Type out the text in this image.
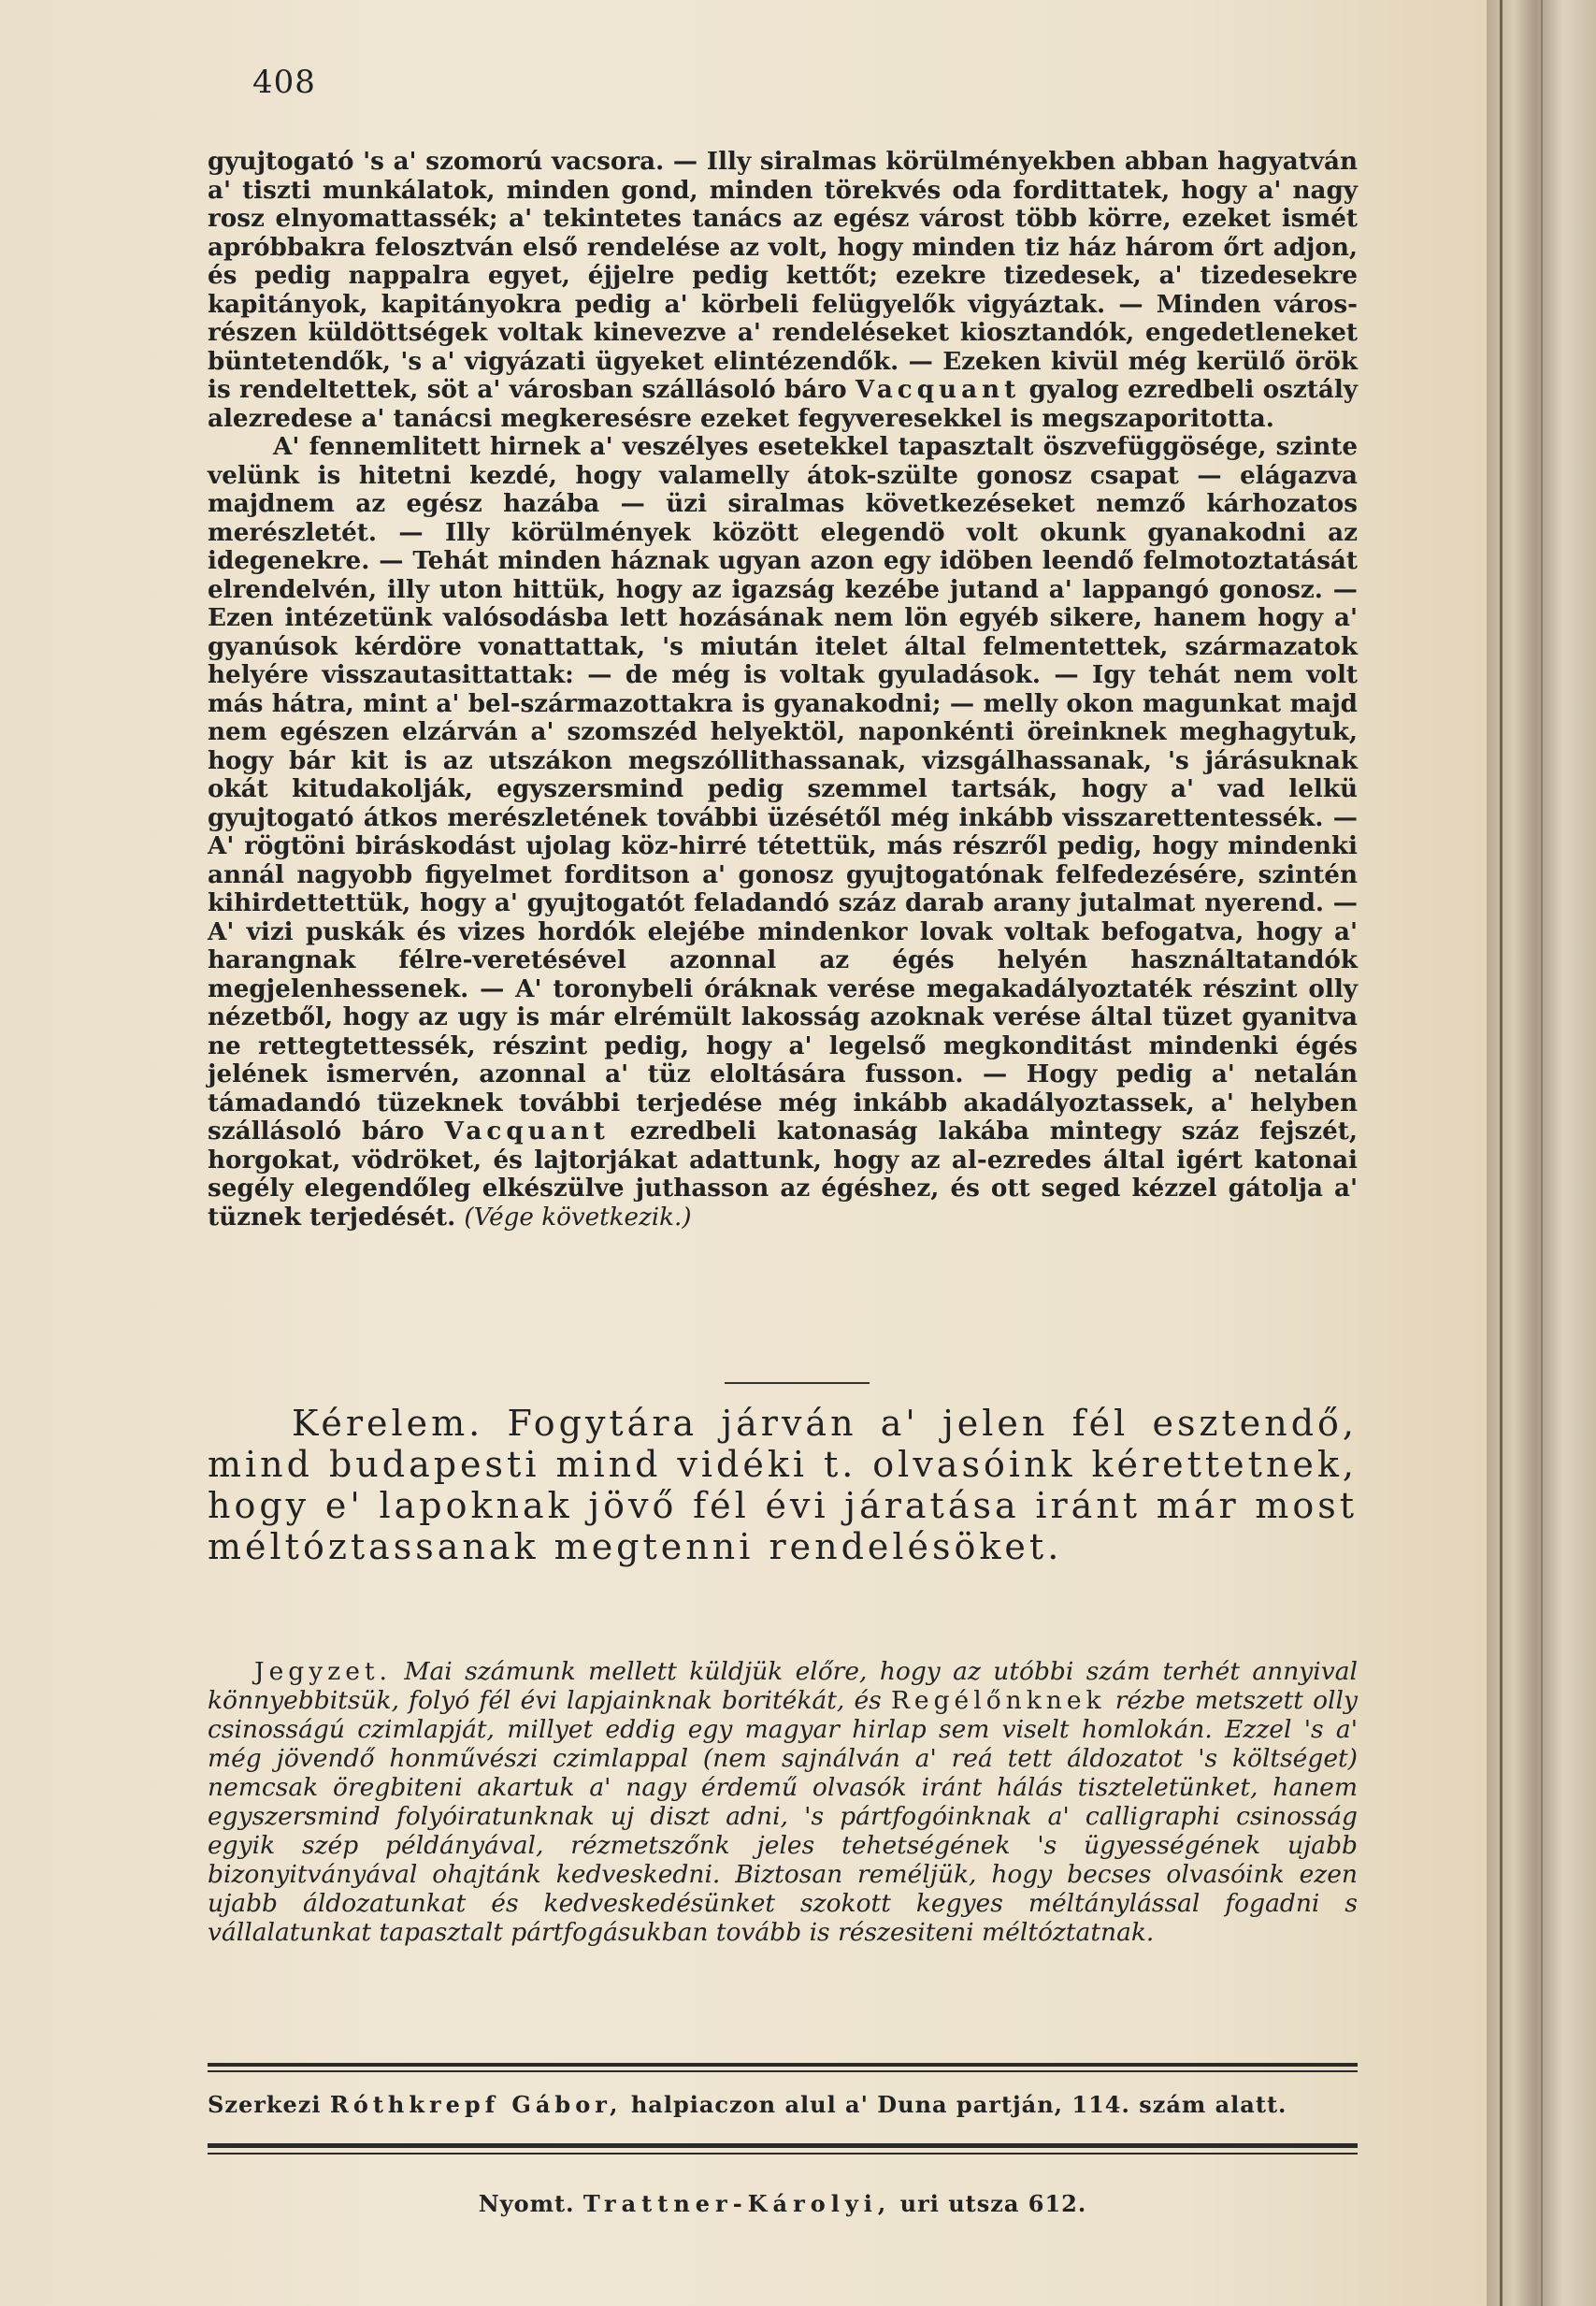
408

gyujtogató 's a' szomorú vacsora. — Illy siralmas körülményekben abban hagyatván a' tiszti munkálatok, minden gond, minden törekvés oda fordittatek, hogy a' nagy rosz elnyomattassék; a' tekintetes tanács az egész várost több körre, ezeket ismét apróbbakra felosztván első rendelése az volt, hogy minden tiz ház három őrt adjon, és pedig nappalra egyet, éjjelre pedig kettőt; ezekre tizedesek, a' tizedesekre kapitányok, kapitányokra pedig a' körbeli felügyelők vigyáztak. — Minden város-részen küldöttségek voltak kinevezve a' rendeléseket kiosztandók, engedetleneket büntetendők, 's a' vigyázati ügyeket elintézendők. — Ezeken kivül még kerülő örök is rendeltettek, söt a' városban szállásoló báro Vacquant gyalog ezredbeli osztály alezredese a' tanácsi megkeresésre ezeket fegyveresekkel is megszaporitotta.

A' fennemlitett hirnek a' veszélyes esetekkel tapasztalt öszvefüggösége, szinte velünk is hitetni kezdé, hogy valamelly átok-szülte gonosz csapat — elágazva majdnem az egész hazába — üzi siralmas következéseket nemző kárhozatos merészletét. — Illy körülmények között elegendö volt okunk gyanakodni az idegenekre. — Tehát minden háznak ugyan azon egy idöben leendő felmotoztatását elrendelvén, illy uton hittük, hogy az igazság kezébe jutand a' lappangó gonosz. — Ezen intézetünk valósodásba lett hozásának nem lön egyéb sikere, hanem hogy a' gyanúsok kérdöre vonattattak, 's miután itelet által felmentettek, származatok helyére visszautasittattak: — de még is voltak gyuladások. — Igy tehát nem volt más hátra, mint a' bel-származottakra is gyanakodni; — melly okon magunkat majd nem egészen elzárván a' szomszéd helyektöl, naponkénti öreinknek meghagytuk, hogy bár kit is az utszákon megszóllithassanak, vizsgálhassanak, 's járásuknak okát kitudakolják, egyszersmind pedig szemmel tartsák, hogy a' vad lelkü gyujtogató átkos merészletének további üzésétől még inkább visszarettentessék. — A' rögtöni biráskodást ujolag köz-hirré tétettük, más részről pedig, hogy mindenki annál nagyobb figyelmet forditson a' gonosz gyujtogatónak felfedezésére, szintén kihirdettettük, hogy a' gyujtogatót feladandó száz darab arany jutalmat nyerend. — A' vizi puskák és vizes hordók elejébe mindenkor lovak voltak befogatva, hogy a' harangnak félre-veretésével azonnal az égés helyén használtatandók megjelenhessenek. — A' toronybeli óráknak verése megakadályoztaték részint olly nézetből, hogy az ugy is már elrémült lakosság azoknak verése által tüzet gyanitva ne rettegtettessék, részint pedig, hogy a' legelső megkonditást mindenki égés jelének ismervén, azonnal a' tüz eloltására fusson. — Hogy pedig a' netalán támadandó tüzeknek további terjedése még inkább akadályoztassek, a' helyben szállásoló báro Vacquant ezredbeli katonaság lakába mintegy száz fejszét, horgokat, vödröket, és lajtorjákat adattunk, hogy az al-ezredes által igért katonai segély elegendőleg elkészülve juthasson az égéshez, és ott seged kézzel gátolja a' tüznek terjedését. (Vége következik.)

Kérelem. Fogytára járván a' jelen fél esztendő, mind budapesti mind vidéki t. olvasóink kérettetnek, hogy e' lapoknak jövő fél évi járatása iránt már most méltóztassanak megtenni rendelésöket.
Jegyzet. Mai számunk mellett küldjük előre, hogy az utóbbi szám terhét annyival könnyebbitsük, folyó fél évi lapjainknak boritékát, és Regélőnknek rézbe metszett olly csinosságú czimlapját, millyet eddig egy magyar hirlap sem viselt homlokán. Ezzel 's a' még jövendő honművészi czimlappal (nem sajnálván a' reá tett áldozatot 's költséget) nemcsak öregbiteni akartuk a' nagy érdemű olvasók iránt hálás tiszteletünket, hanem egyszersmind folyóiratunknak uj diszt adni, 's pártfogóinknak a' calligraphi csinosság egyik szép példányával, rézmetszőnk jeles tehetségének 's ügyességének ujabb bizonyitványával ohajtánk kedveskedni. Biztosan reméljük, hogy becses olvasóink ezen ujabb áldozatunkat és kedveskedésünket szokott kegyes méltánylással fogadni s vállalatunkat tapasztalt pártfogásukban tovább is részesiteni méltóztatnak.
Szerkezi Róthkrepf Gábor, halpiaczon alul a' Duna partján, 114. szám alatt.
Nyomt. Trattner-Károlyi, uri utsza 612.
